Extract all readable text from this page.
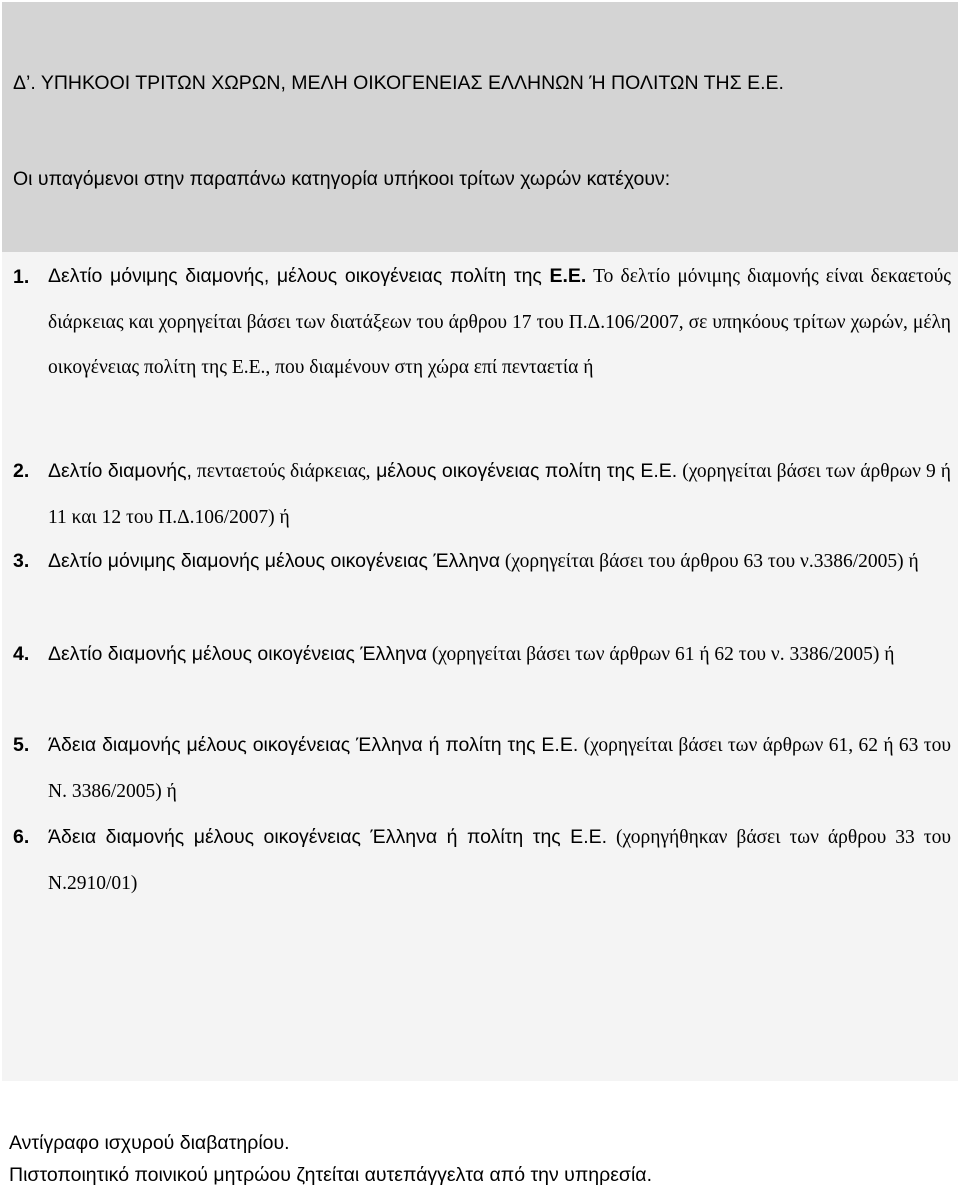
Δ’. ΥΠΗΚΟΟΙ ΤΡΙΤΩΝ ΧΩΡΩΝ, ΜΕΛΗ ΟΙΚΟΓΕΝΕΙΑΣ ΕΛΛΗΝΩΝ Ή ΠΟΛΙΤΩΝ ΤΗΣ Ε.Ε.

Οι υπαγόμενοι στην παραπάνω κατηγορία υπήκοοι τρίτων χωρών κατέχουν:

1. Δελτίο μόνιμης διαμονής, μέλους οικογένειας πολίτη της Ε.Ε. Το δελτίο μόνιμης διαμονής είναι δεκαετούς διάρκειας και χορηγείται βάσει των διατάξεων του άρθρου 17 του Π.Δ.106/2007, σε υπηκόους τρίτων χωρών, μέλη οικογένειας πολίτη της Ε.Ε., που διαμένουν στη χώρα επί πενταετία ή

2. Δελτίο διαμονής, πενταετούς διάρκειας, μέλους οικογένειας πολίτη της Ε.Ε. (χορηγείται βάσει των άρθρων 9 ή 11 και 12 του Π.Δ.106/2007) ή

3. Δελτίο μόνιμης διαμονής μέλους οικογένειας Έλληνα (χορηγείται βάσει του άρθρου 63 του ν.3386/2005) ή

4. Δελτίο διαμονής μέλους οικογένειας Έλληνα (χορηγείται βάσει των άρθρων 61 ή 62 του ν. 3386/2005) ή

5. Άδεια διαμονής μέλους οικογένειας Έλληνα ή πολίτη της Ε.Ε. (χορηγείται βάσει των άρθρων 61, 62 ή 63 του Ν. 3386/2005) ή

6. Άδεια διαμονής μέλους οικογένειας Έλληνα ή πολίτη της Ε.Ε. (χορηγήθηκαν βάσει των άρθρου 33 του Ν.2910/01)

Αντίγραφο ισχυρού διαβατηρίου.

Πιστοποιητικό ποινικού μητρώου ζητείται αυτεπάγγελτα από την υπηρεσία.
